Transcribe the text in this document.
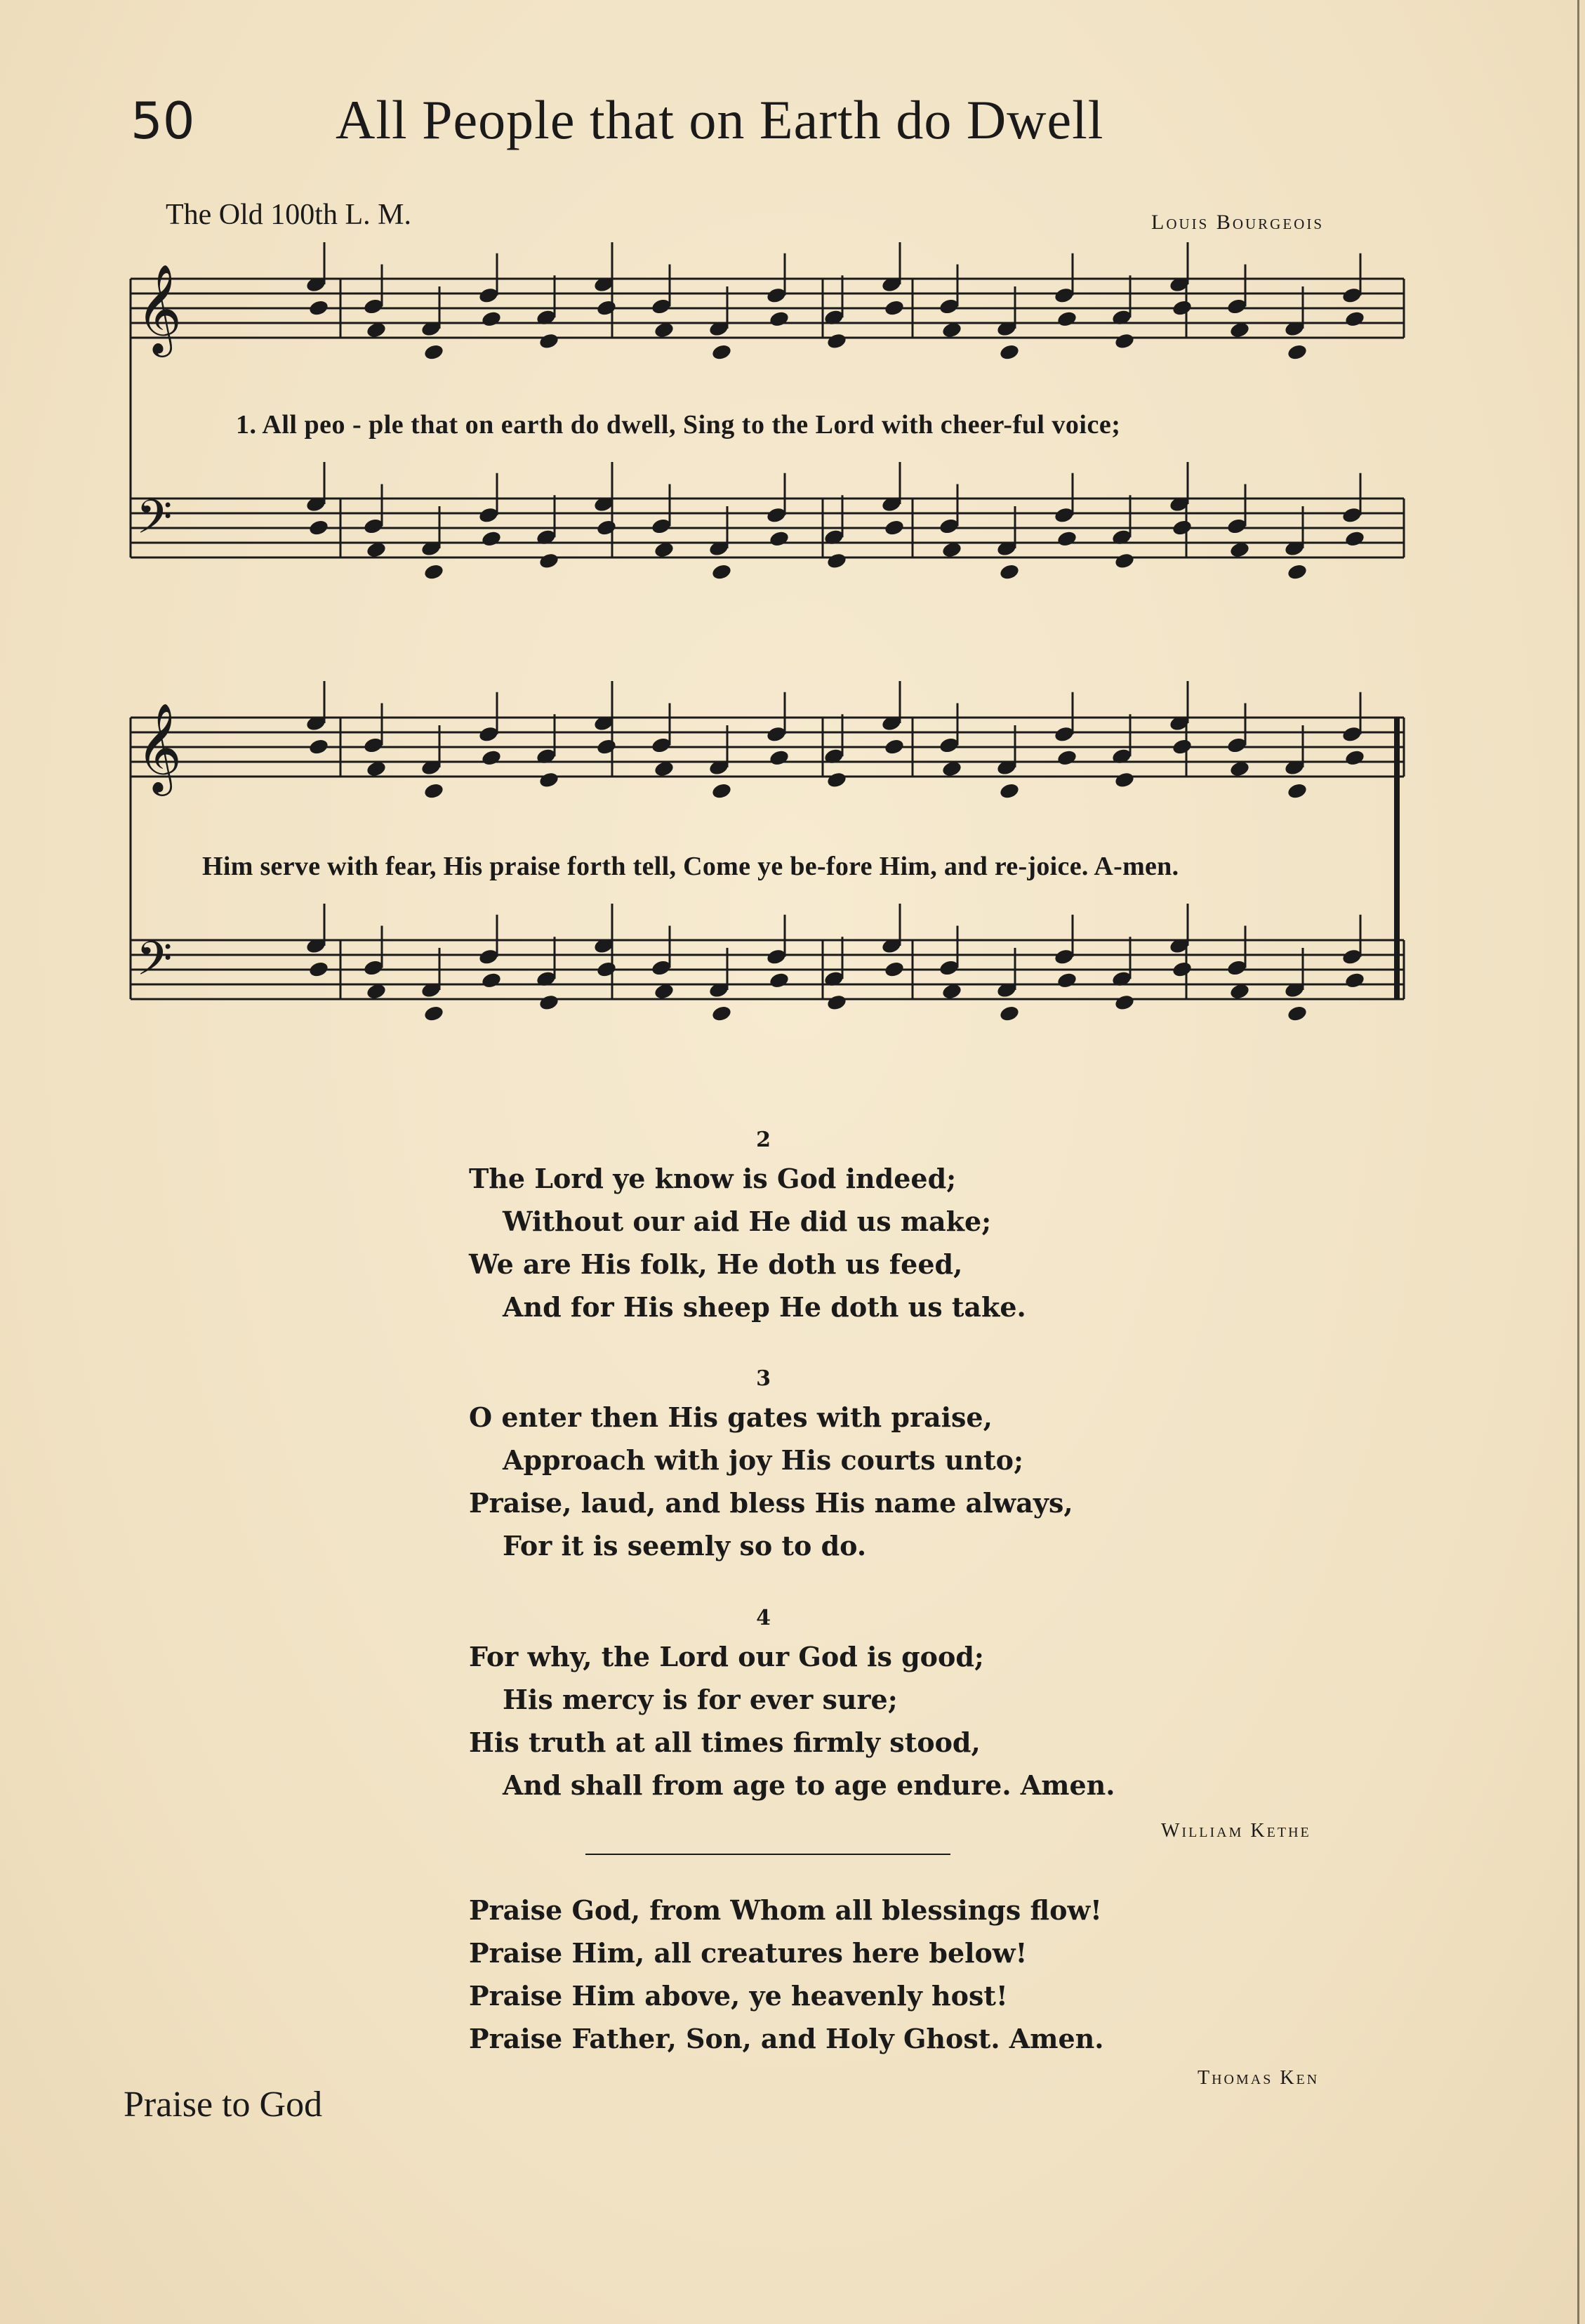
50	All People that on Earth do Dwell
The Old 100th L. M.	Louis Bourgeois
𝄞
𝄢
𝄞
𝄢
1. All peo - ple that on earth do dwell, Sing to the Lord with cheer-ful voice;
Him serve with fear, His praise forth tell, Come ye be-fore Him, and re-joice. A-men.
2
The Lord ye know is God indeed;
Without our aid He did us make;
We are His folk, He doth us feed,
And for His sheep He doth us take.
3
O enter then His gates with praise,
Approach with joy His courts unto;
Praise, laud, and bless His name always,
For it is seemly so to do.
4
For why, the Lord our God is good;
His mercy is for ever sure;
His truth at all times firmly stood,
And shall from age to age endure. Amen.
William Kethe
Praise God, from Whom all blessings flow!
Praise Him, all creatures here below!
Praise Him above, ye heavenly host!
Praise Father, Son, and Holy Ghost. Amen.
Thomas Ken
Praise to God
